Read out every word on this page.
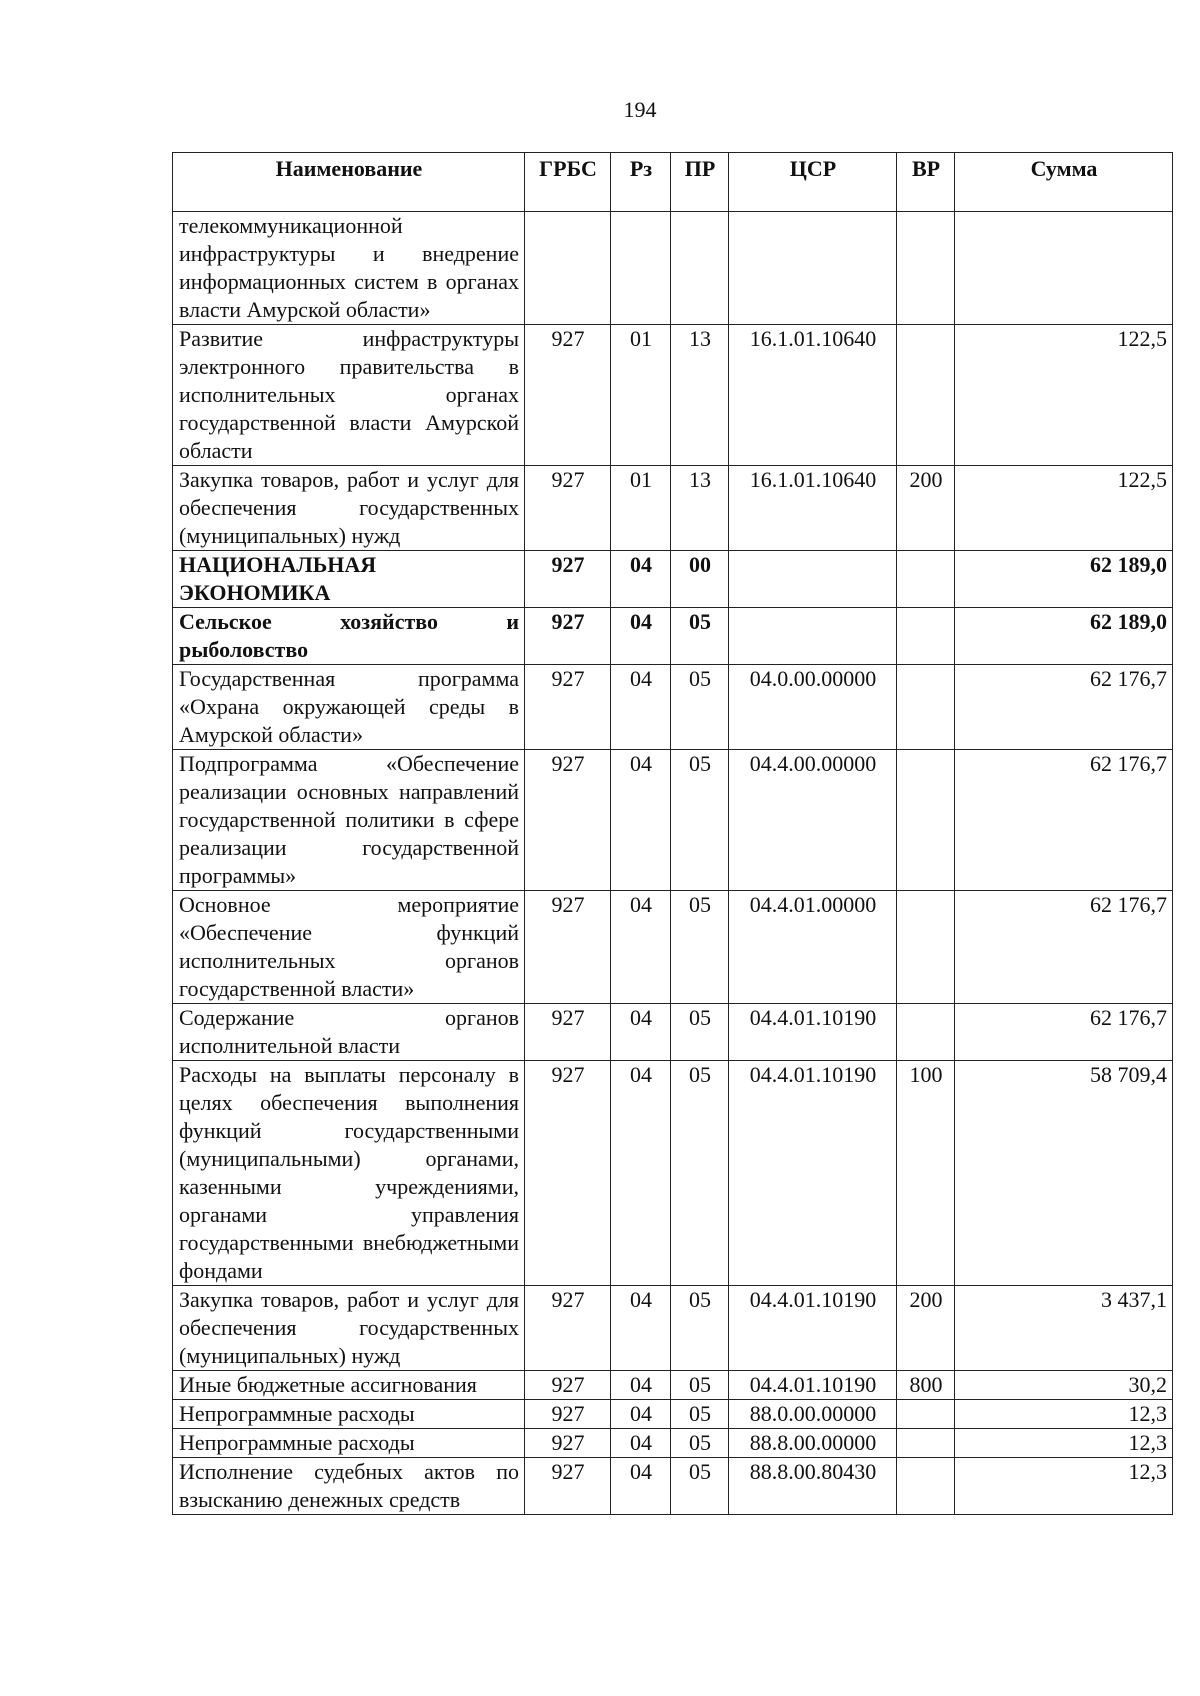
194
Наименование	ГРБС	Рз	ПР	ЦСР	ВР	Сумма
телекоммуникационной инфраструктуры и внедрение информационных систем в органах власти Амурской области»						
Развитие инфраструктуры электронного правительства в исполнительных органах государственной власти Амурской области	927	01	13	16.1.01.10640		122,5
Закупка товаров, работ и услуг для обеспечения государственных (муниципальных) нужд	927	01	13	16.1.01.10640	200	122,5
НАЦИОНАЛЬНАЯ ЭКОНОМИКА	927	04	00			62 189,0
Сельское хозяйство и рыболовство	927	04	05			62 189,0
Государственная программа «Охрана окружающей среды в Амурской области»	927	04	05	04.0.00.00000		62 176,7
Подпрограмма «Обеспечение реализации основных направлений государственной политики в сфере реализации государственной программы»	927	04	05	04.4.00.00000		62 176,7
Основное мероприятие «Обеспечение функций исполнительных органов государственной власти»	927	04	05	04.4.01.00000		62 176,7
Содержание органов исполнительной власти	927	04	05	04.4.01.10190		62 176,7
Расходы на выплаты персоналу в целях обеспечения выполнения функций государственными (муниципальными) органами, казенными учреждениями, органами управления государственными внебюджетными фондами	927	04	05	04.4.01.10190	100	58 709,4
Закупка товаров, работ и услуг для обеспечения государственных (муниципальных) нужд	927	04	05	04.4.01.10190	200	3 437,1
Иные бюджетные ассигнования	927	04	05	04.4.01.10190	800	30,2
Непрограммные расходы	927	04	05	88.0.00.00000		12,3
Непрограммные расходы	927	04	05	88.8.00.00000		12,3
Исполнение судебных актов по взысканию денежных средств	927	04	05	88.8.00.80430		12,3
